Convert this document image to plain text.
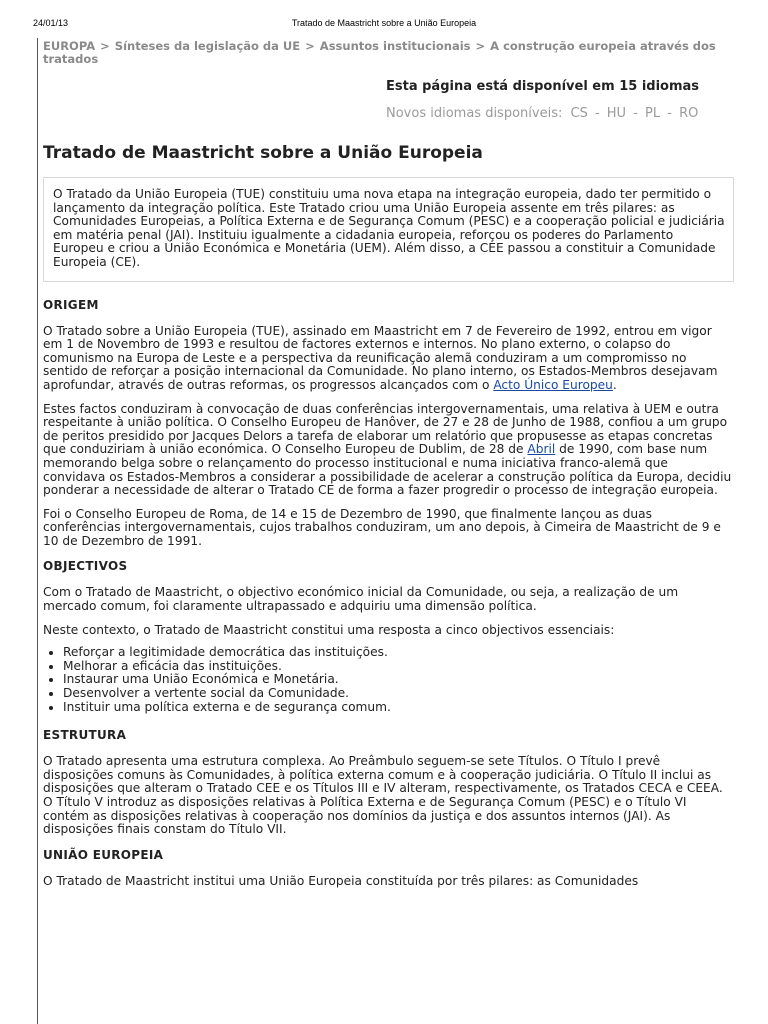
24/01/13	Tratado de Maastricht sobre a União Europeia
EUROPA > Sínteses da legislação da UE > Assuntos institucionais > A construção europeia através dos tratados
Esta página está disponível em 15 idiomas
Novos idiomas disponíveis: CS - HU - PL - RO
Tratado de Maastricht sobre a União Europeia
O Tratado da União Europeia (TUE) constituiu uma nova etapa na integração europeia, dado ter permitido o lançamento da integração política. Este Tratado criou uma União Europeia assente em três pilares: as Comunidades Europeias, a Política Externa e de Segurança Comum (PESC) e a cooperação policial e judiciária em matéria penal (JAI). Instituiu igualmente a cidadania europeia, reforçou os poderes do Parlamento Europeu e criou a União Económica e Monetária (UEM). Além disso, a CEE passou a constituir a Comunidade Europeia (CE).
ORIGEM

O Tratado sobre a União Europeia (TUE), assinado em Maastricht em 7 de Fevereiro de 1992, entrou em vigor em 1 de Novembro de 1993 e resultou de factores externos e internos. No plano externo, o colapso do comunismo na Europa de Leste e a perspectiva da reunificação alemã conduziram a um compromisso no sentido de reforçar a posição internacional da Comunidade. No plano interno, os Estados-Membros desejavam aprofundar, através de outras reformas, os progressos alcançados com o Acto Único Europeu.

Estes factos conduziram à convocação de duas conferências intergovernamentais, uma relativa à UEM e outra respeitante à união política. O Conselho Europeu de Hanôver, de 27 e 28 de Junho de 1988, confiou a um grupo de peritos presidido por Jacques Delors a tarefa de elaborar um relatório que propusesse as etapas concretas que conduziriam à união económica. O Conselho Europeu de Dublim, de 28 de Abril de 1990, com base num memorando belga sobre o relançamento do processo institucional e numa iniciativa franco-alemã que convidava os Estados-Membros a considerar a possibilidade de acelerar a construção política da Europa, decidiu ponderar a necessidade de alterar o Tratado CE de forma a fazer progredir o processo de integração europeia.

Foi o Conselho Europeu de Roma, de 14 e 15 de Dezembro de 1990, que finalmente lançou as duas conferências intergovernamentais, cujos trabalhos conduziram, um ano depois, à Cimeira de Maastricht de 9 e 10 de Dezembro de 1991.

OBJECTIVOS

Com o Tratado de Maastricht, o objectivo económico inicial da Comunidade, ou seja, a realização de um mercado comum, foi claramente ultrapassado e adquiriu uma dimensão política.

Neste contexto, o Tratado de Maastricht constitui uma resposta a cinco objectivos essenciais:

• Reforçar a legitimidade democrática das instituições.
• Melhorar a eficácia das instituições.
• Instaurar uma União Económica e Monetária.
• Desenvolver a vertente social da Comunidade.
• Instituir uma política externa e de segurança comum.
ESTRUTURA

O Tratado apresenta uma estrutura complexa. Ao Preâmbulo seguem-se sete Títulos. O Título I prevê disposições comuns às Comunidades, à política externa comum e à cooperação judiciária. O Título II inclui as disposições que alteram o Tratado CEE e os Títulos III e IV alteram, respectivamente, os Tratados CECA e CEEA. O Título V introduz as disposições relativas à Política Externa e de Segurança Comum (PESC) e o Título VI contém as disposições relativas à cooperação nos domínios da justiça e dos assuntos internos (JAI). As disposições finais constam do Título VII.

UNIÃO EUROPEIA

O Tratado de Maastricht institui uma União Europeia constituída por três pilares: as Comunidades
